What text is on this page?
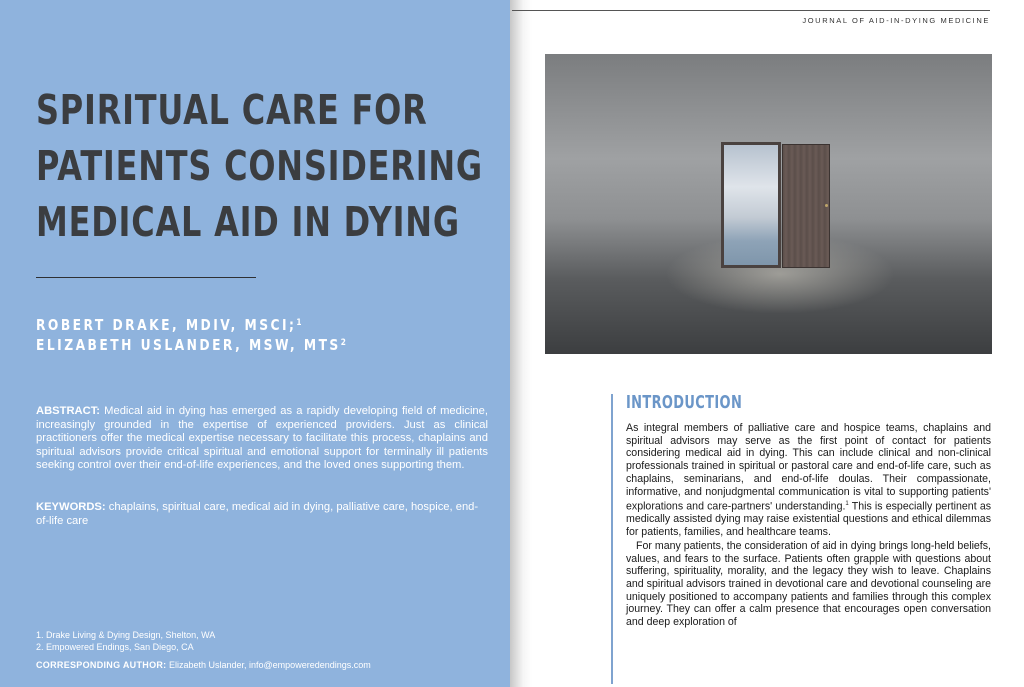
SPIRITUAL CARE FOR
PATIENTS CONSIDERING
MEDICAL AID IN DYING
ROBERT DRAKE, MDIV, MSCI;$^1$
ELIZABETH USLANDER, MSW, MTS$^2$
ABSTRACT: Medical aid in dying has emerged as a rapidly developing field of medicine, increasingly grounded in the expertise of experienced providers. Just as clinical practitioners offer the medical expertise necessary to facilitate this process, chaplains and spiritual advisors provide critical spiritual and emotional support for terminally ill patients seeking control over their end-of-life experiences, and the loved ones supporting them.
KEYWORDS: chaplains, spiritual care, medical aid in dying, palliative care, hospice, end-of-life care
1. Drake Living & Dying Design, Shelton, WA
2. Empowered Endings, San Diego, CA
CORRESPONDING AUTHOR: Elizabeth Uslander, info@empoweredendings.com
JOURNAL OF AID-IN-DYING MEDICINE
INTRODUCTION

As integral members of palliative care and hospice teams, chaplains and spiritual advisors may serve as the first point of contact for patients considering medical aid in dying. This can include clinical and non-clinical professionals trained in spiritual or pastoral care and end-of-life care, such as chaplains, seminarians, and end-of-life doulas. Their compassionate, informative, and nonjudgmental communication is vital to supporting patients' explorations and care-partners' understanding.$^1$ This is especially pertinent as medically assisted dying may raise existential questions and ethical dilemmas for patients, families, and healthcare teams.

For many patients, the consideration of aid in dying brings long-held beliefs, values, and fears to the surface. Patients often grapple with questions about suffering, spirituality, morality, and the legacy they wish to leave. Chaplains and spiritual advisors trained in devotional care and devotional counseling are uniquely positioned to accompany patients and families through this complex journey. They can offer a calm presence that encourages open conversation and deep exploration of
